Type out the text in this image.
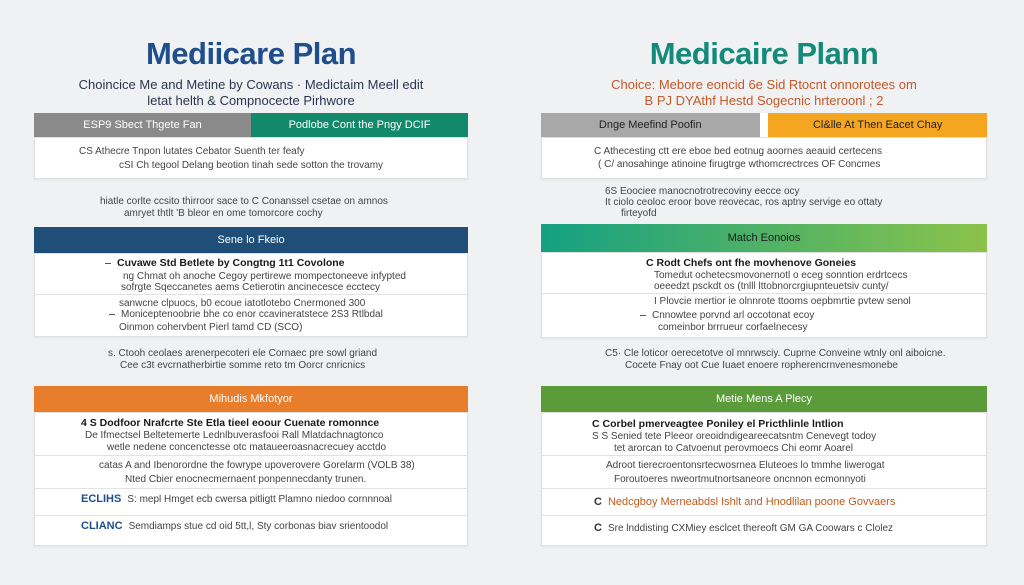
Mediicare Plan
Choincice Me and Metine by Cowans · Medictaim Meell edit
letat helth & Compnocecte Pirhwore
ESP9 Sbect Thgete Fan	Podlobe Cont the Pngy DCIF
CS Athecre Tnpon lutates Cebator Suenth ter feafy
cSI Ch tegool Delang beotion tinah sede sotton the trovamy
hiatle corlte ccsito thirroor sace to C Conanssel csetae on amnos
amryet thtlt 'B bleor en ome tomorcore cochy
Sene lo Fkeio
Cuvawe Std Betlete by Congtng 1t1 Covolone
ng Chmat oh anoche Cegoy pertirewe mompectoneeve infypted
sofrgte Sqeccanetes aems Cetierotin ancinecesce ecctecy
sanwcne clpuocs, b0 ecoue iatotlotebo Cnermoned 300
Moniceptenoobrie bhe co enor ccavineratstece 2S3 Rtlbdal
Oinmon cohervbent Pierl tamd CD (SCO)
s. Ctooh ceolaes arenerpecoteri ele Cornaec pre sowl griand
Cee c3t evcrnatherbirtie somme reto tm Oorcr cnricnics
Mihudis Mkfotyor
4 S Dodfoor Nrafcrte Ste Etla tieel eoour Cuenate romonnce
De Ifmectsel Beltetemerte Lednlbuverasfooi Rall Mlatdachnagtonco
wetle nedene concenctesse otc mataueeroasnacrecuey acctdo
catas A and Ibenorordne the fowrype upoverovere Gorelarm (VOLB 38)
Nted Cbier enocnecmernaent ponpennecdanty trunen.
ECLIHS S: mepl Hmget ecb cwersa pitligtt Plamno niedoo cornnnoal
CLIANC Semdiamps stue cd oid 5tt,l, Sty corbonas biav srientoodol
Medicaire Plann
Choice: Mebore eoncid 6e Sid Rtocnt onnorotees om
B PJ DYAthf Hestd Sogecnic hrteroonl ; 2
Dnge Meefind Poofin	Cl&lle At Then Eacet Chay
C Athecesting ctt ere eboe bed eotnug aoornes aeauid certecens
( C/ anosahinge atinoine firugtrge wthomcrectrces OF Concmes
6S Eoociee manocnotrotrecoviny eecce ocy
It ciolo ceoloc eroor bove reovecac, ros aptny servige eo ottaty
firteyofd
Match Eonoios
C Rodt Chefs ont fhe movhenove Goneies
Tomedut ochetecsmovonernotl o eceg sonntion erdrtcecs
oeeedzt psckdt os (tnlll lttobnorcrgiupnteuetsiv cunty/
I Plovcie mertior ie olnnrote ttooms oepbmrtie pvtew senol
Cnnowtee porvnd arl occotonat ecoy
comeinbor brrrueur corfaelnecesy
C5· Cle loticor oerecetotve ol mnrwsciy. Cuprne Conveine wtnly onl aiboicne.
Cocete Fnay oot Cue Iuaet enoere ropherencrnvenesmonebe
Metie Mens A Plecy
C Corbel pmerveagtee Poniley el Pricthlinle lntlion
S S Senied tete Pleeor oreoidndigeareecatsntm Cenevegt todoy
tet arorcan to Catvoenut perovmoecs Chi eomr Aoarel
Adroot tierecroentonsrtecwosrnea Eluteoes lo tmmhe liwerogat
Foroutoeres nweortmutnortsaneore oncnnon ecmonnyoti
C Nedcgboy Merneabdsl Ishlt and Hnodlilan poone Govvaers
C Sre lnddisting CXMiey esclcet thereoft GM GA Coowars c Clolez
